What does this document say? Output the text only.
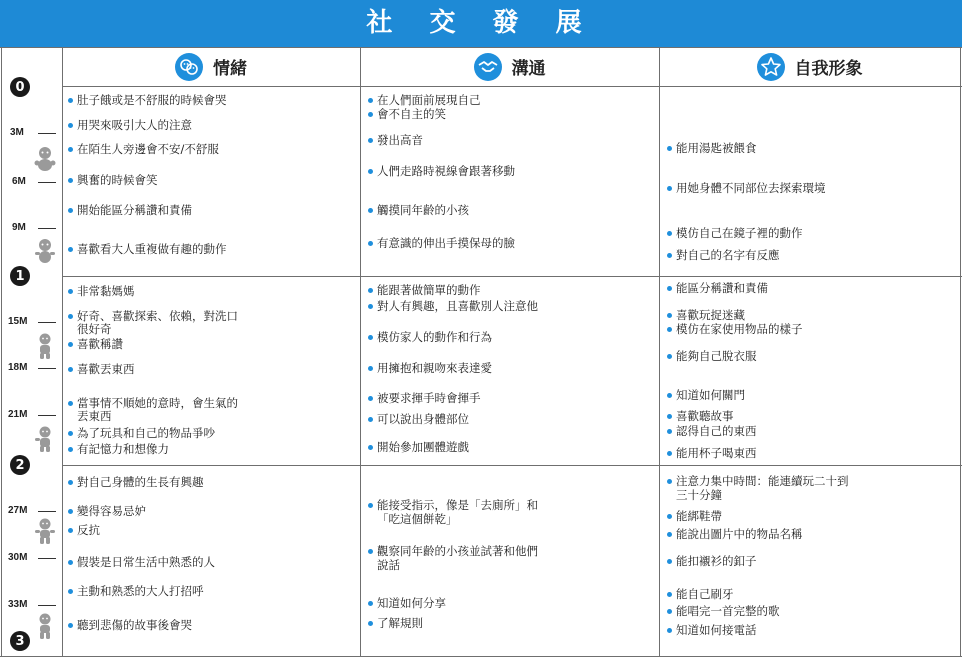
社 交 發 展
情緒	溝通	自我形象
0
1
2
3
3M
6M
9M
15M
18M
21M
27M
30M
33M
肚子餓或是不舒服的時候會哭
用哭來吸引大人的注意
在陌生人旁邊會不安/不舒服
興奮的時候會笑
開始能區分稱讚和責備
喜歡看大人重複做有趣的動作
非常黏媽媽
好奇、喜歡探索、依賴，對洗口
很好奇
喜歡稱讚
喜歡丟東西
當事情不順她的意時，會生氣的
丟東西
為了玩具和自己的物品爭吵
有記憶力和想像力
對自己身體的生長有興趣
變得容易忌妒
反抗
假裝是日常生活中熟悉的人
主動和熟悉的大人打招呼
聽到悲傷的故事後會哭
在人們面前展現自己
會不自主的笑
發出高音
人們走路時視線會跟著移動
觸摸同年齡的小孩
有意識的伸出手摸保母的臉
能跟著做簡單的動作
對人有興趣，且喜歡別人注意他
模仿家人的動作和行為
用擁抱和親吻來表達愛
被要求揮手時會揮手
可以說出身體部位
開始參加團體遊戲
能接受指示，像是「去廁所」和
「吃這個餅乾」
觀察同年齡的小孩並試著和他們
說話
知道如何分享
了解規則
能用湯匙被餵食
用她身體不同部位去探索環境
模仿自己在鏡子裡的動作
對自己的名字有反應
能區分稱讚和責備
喜歡玩捉迷藏
模仿在家使用物品的樣子
能夠自己脫衣服
知道如何關門
喜歡聽故事
認得自己的東西
能用杯子喝東西
注意力集中時間：能連續玩二十到
三十分鐘
能綁鞋帶
能說出圖片中的物品名稱
能扣襯衫的釦子
能自己刷牙
能唱完一首完整的歌
知道如何接電話
